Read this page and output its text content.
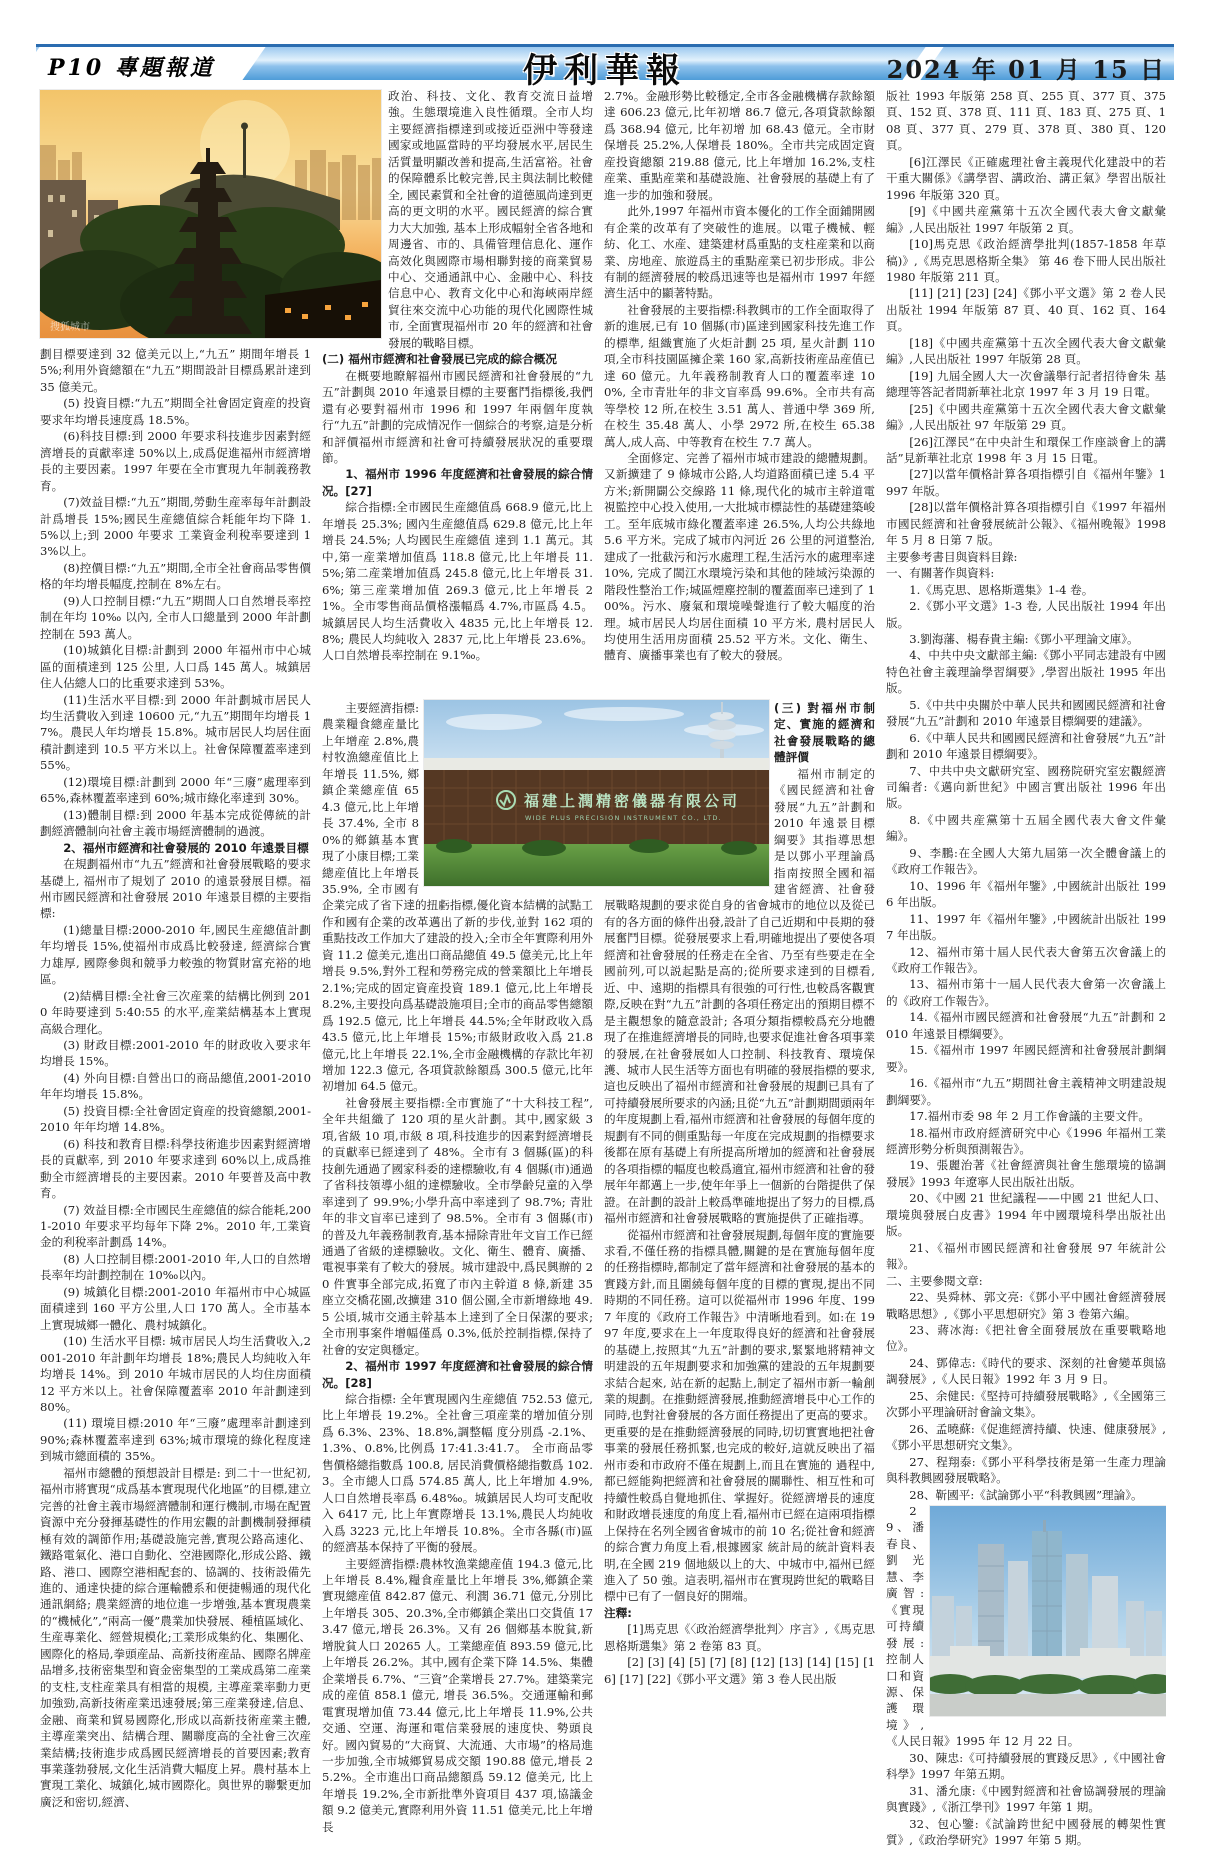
P10 專題報道	伊利華報	2024 年 01 月 15 日

劃目標要達到 32 億美元以上,“九五” 期間年增長 15%;利用外資總額在“九五”期間設計目標爲累計達到 35 億美元。

(5) 投資目標:“九五”期間全社會固定資産的投資要求年均增長速度爲 18.5%。

(6)科技目標:到 2000 年要求科技進步因素對經濟增長的貢獻率達 50%以上,成爲促進福州市經濟增長的主要因素。1997 年要在全市實現九年制義務教育。

(7)效益目標:“九五”期間,勞動生産率每年計劃設計爲增長 15%;國民生産總值綜合耗能年均下降 1.5%以上;到 2000 年要求 工業資金利稅率要達到 13%以上。

(8)控價目標:“九五”期間,全市全社會商品零售價格的年均增長幅度,控制在 8%左右。

(9)人口控制目標:“九五”期間人口自然增長率控制在年均 10‰ 以內, 全市人口總量到 2000 年計劃控制在 593 萬人。

(10)城鎮化目標:計劃到 2000 年福州市中心城區的面積達到 125 公里, 人口爲 145 萬人。城鎮居住人佔總人口的比重要求達到 53%。

(11)生活水平目標:到 2000 年計劃城市居民人均生活費收入到達 10600 元,“九五”期間年均增長 17%。農民人年均增長 15.8%。城市居民人均居住面積計劃達到 10.5 平方米以上。社會保障覆蓋率達到 55%。

(12)環境目標:計劃到 2000 年“三廢”處理率到 65%,森林覆蓋率達到 60%;城市綠化率達到 30%。

(13)體制目標:到 2000 年基本完成從傳統的計劃經濟體制向社會主義市場經濟體制的過渡。

2、福州市經濟和社會發展的 2010 年遠景目標

在規劃福州市“九五”經濟和社會發展戰略的要求基礎上, 福州市了規划了 2010 的遠景發展目標。福州市國民經濟和社會發展 2010 年遠景目標的主要指標:

(1)總量目標:2000-2010 年,國民生産總值計劃年均增長 15%,使福州市成爲比較發達, 經濟綜合實力雄厚, 國際參與和競爭力較強的物質財富充裕的地區。

(2)結構目標:全社會三次産業的結構比例到 2010 年時要達到 5:40:55 的水平,産業結構基本上實現高級合理化。

(3) 財政目標:2001-2010 年的財政收入要求年均增長 15%。

(4) 外向目標:自營出口的商品總值,2001-2010 年年均增長 15.8%。

(5) 投資目標:全社會固定資産的投資總額,2001-2010 年年均增 14.8%。

(6) 科技和教育目標:科學技術進步因素對經濟增長的貢獻率, 到 2010 年要求達到 60%以上,成爲推動全市經濟增長的主要因素。2010 年要普及高中教育。

(7) 效益目標:全市國民生産總值的綜合能耗,2001-2010 年要求平均每年下降 2%。2010 年,工業資金的利稅率計劃爲 14%。

(8) 人口控制目標:2001-2010 年,人口的自然增長率年均計劃控制在 10‰以內。

(9) 城鎮化目標:2001-2010 年福州市中心城區面積達到 160 平方公里,人口 170 萬人。全市基本上實現城鄉一體化、農村城鎮化。

(10) 生活水平目標: 城市居民人均生活費收入,2001-2010 年計劃年均增長 18%;農民人均純收入年均增長 14%。到 2010 年城市居民的人均住房面積 12 平方米以上。社會保障覆蓋率 2010 年計劃達到 80%。

(11) 環境目標:2010 年“三廢”處理率計劃達到 90%;森林覆蓋率達到 63%;城市環境的綠化程度達到城市總面積的 35%。

福州市總體的預想設計目標是: 到二十一世紀初,福州市將實現“成爲基本實現現代化地區”的目標,建立完善的社會主義市場經濟體制和運行機制,市場在配置資源中充分發揮基礎性的作用宏觀的計劃機制發揮積極有效的調節作用;基礎設施完善,實現公路高速化、鐵路電氣化、港口自動化、空港國際化,形成公路、鐵路、港口、國際空港相配套的、協調的、技術設備先進的、通達快捷的綜合運輸體系和便捷暢通的現代化通訊網絡; 農業經濟的地位進一步增強,基本實現農業的“機械化”,“兩高一優”農業加快發展、種植區域化、生産專業化、經營規模化;工業形成集約化、集團化、國際化的格局,拳頭産品、高新技術産品、國際名牌産品增多,技術密集型和資金密集型的工業成爲第二産業的支柱,支柱産業具有相當的規模, 主導産業率動力更加強勁,高新技術産業迅速發展;第三産業發達,信息、金融、商業和貿易國際化,形成以高新技術産業主體,主導産業突出、結構合理、關聯度高的全社會三次産業結構;技術進步成爲國民經濟增長的首要因素;教育事業蓬勃發展,文化生活消費大幅度上昇。農村基本上實現工業化、城鎮化,城市國際化。與世界的聯繫更加廣泛和密切,經濟、

政治、科技、文化、教育交流日益增強。生態環境進入良性循環。全市人均主要經濟指標達到或接近亞洲中等發達國家或地區當時的平均發展水平,居民生活質量明顯改善和提高,生活富裕。社會的保障體系比較完善,民主與法制比較健全, 國民素質和全社會的道德風尚達到更高的更文明的水平。國民經濟的綜合實力大大加強, 基本上形成幅射全省各地和周邊省、市的、具備管理信息化、運作高效化與國際市場相聯對接的商業貿易中心、交通通訊中心、金融中心、科技信息中心、教育文化中心和海峽兩岸經貿往來交流中心功能的現代化國際性城市, 全面實現福州市 20 年的經濟和社會發展的戰略目標。

(二) 福州市經濟和社會發展已完成的綜合概况

在概要地瞭解福州市國民經濟和社會發展的“九五”計劃與 2010 年遠景目標的主要奮鬥指標後,我們還有必要對福州市 1996 和 1997 年兩個年度執行“九五”計劃的完成情况作一個綜合的考察,這是分析和評價福州市經濟和社會可持續發展狀况的重要環節。

1、福州市 1996 年度經濟和社會發展的綜合情况。[27]

綜合指標:全市國民生産總值爲 668.9 億元,比上年增長 25.3%; 國內生産總值爲 629.8 億元,比上年增長 24.5%; 人均國民生産總值 達到 1.1 萬元。其中,第一産業增加值爲 118.8 億元,比上年增長 11.5%;第二産業增加值爲 245.8 億元,比上年增長 31.6%; 第三産業增加值 269.3 億元,比上年增長 21%。全市零售商品價格漲幅爲 4.7%,市區爲 4.5。城鎮居民人均生活費收入 4835 元,比上年增長 12.8%; 農民人均純收入 2837 元,比上年增長 23.6%。人口自然增長率控制在 9.1‰。

主要經濟指標:農業糧食總産量比上年增産 2.8%,農村牧漁總産值比上年增長 11.5%, 鄉鎮企業總産值 654.3 億元,比上年增長 37.4%, 全市 80%的鄉鎮基本實現了小康目標;工業總産值比上年增長 35.9%, 全市國有企業完成了省下達的扭虧指標,優化資本結構的試點工作和國有企業的改革邁出了新的步伐,並對 162 項的重點技改工作加大了建設的投入;全市全年實際利用外資 11.2 億美元,進出口商品總值 49.5 億美元,比上年增長 9.5%,對外工程和勞務完成的營業額比上年增長 2.1%;完成的固定資産投資 189.1 億元,比上年增長 8.2%,主要投向爲基礎設施項目;全市的商品零售總額爲 192.5 億元, 比上年增長 44.5%;全年財政收入爲 43.5 億元,比上年增長 15%;市級財政收入爲 21.8 億元,比上年增長 22.1%,全市金融機構的存款比年初增加 122.3 億元, 各項貸款餘額爲 300.5 億元,比年初增加 64.5 億元。

社會發展主要指標:全市實施了“十大科技工程”,全年共組織了 120 項的星火計劃。其中,國家級 3 項,省級 10 項,市級 8 項,科技進步的因素對經濟增長的貢獻率已經達到了 48%。全市有 3 個縣(區)的科技創先通過了國家科委的達標驗收,有 4 個縣(市)通過了省科技領導小組的達標驗收。全市學齡兒童的入學率達到了 99.9%;小學升高中率達到了 98.7%; 青壯年的非文盲率已達到了 98.5%。全市有 3 個縣(市)的普及九年義務制教育,基本掃除青壯年文盲工作已經通過了省級的達標驗收。文化、衛生、體育、廣播、電視事業有了較大的發展。城市建設中,爲民興辦的 20 件實事全部完成,拓寬了市內主幹道 8 條,新建 35 座立交橋花園,改擴建 310 個公園,全市新增綠地 49.5 公頃,城市交通主幹基本上達到了全日保潔的要求;全市刑事案件增幅僅爲 0.3%,低於控制指標,保持了社會的安定與穩定。

2、福州市 1997 年度經濟和社會發展的綜合情况。[28]

綜合指標: 全年實現國內生産總值 752.53 億元,比上年增長 19.2%。全社會三項産業的增加值分別爲 6.3%、23%、18.8%,調整幅 度分別爲 -2.1%、1.3%、0.8%,比例爲 17:41.3:41.7。 全市商品零售價格總指數爲 100.8, 居民消費價格總指數爲 102.3。全市總人口爲 574.85 萬人, 比上年增加 4.9%,人口自然增長率爲 6.48‰。城鎮居民人均可支配收入 6417 元, 比上年實際增長 13.1%,農民人均純收 入爲 3223 元,比上年增長 10.8%。全市各縣(市)區的經濟基本保持了平衡的發展。

主要經濟指標:農林牧漁業總産值 194.3 億元,比上年增長 8.4%,糧食産量比上年增長 3%,鄉鎮企業實現總産值 842.87 億元、利潤 36.71 億元,分別比上年增長 305、20.3%,全市鄉鎮企業出口交貨值 173.47 億元,增長 26.3%。又有 26 個鄉基本脫貧,新增脫貧人口 20265 人。工業總産值 893.59 億元,比上年增長 26.2%。其中,國有企業下降 14.5%、集體企業增長 6.7%、“三資”企業增長 27.7%。建築業完成的産值 858.1 億元, 增長 36.5%。交通運輸和郵電實現增加值 73.44 億元,比上年增長 11.9%,公共交通、空運、海運和電信業發展的速度快、勢頭良好。國內貿易的“大商貿、大流通、大市場”的格局進一步加強,全市城鄉貿易成交額 190.88 億元,增長 25.2%。全市進出口商品總額爲 59.12 億美元, 比上年增長 19.2%,全市新批準外資項目 437 項,協議金額 9.2 億美元,實際利用外資 11.51 億美元,比上年增長

2.7%。金融形勢比較穩定,全市各金融機構存款餘額達 606.23 億元,比年初增 86.7 億元,各項貸款餘額爲 368.94 億元, 比年初增 加 68.43 億元。全市財保增長 25.2%,人保增長 180%。全市共完成固定資産投資總額 219.88 億元, 比上年增加 16.2%,支柱産業、重點産業和基礎設施、社會發展的基礎上有了進一步的加強和發展。

此外,1997 年福州市資本優化的工作全面鋪開國有企業的改革有了突破性的進展。以電子機械、輕紡、化工、水産、建築建材爲重點的支柱産業和以商業、房地産、旅遊爲主的重點産業已初步形成。非公有制的經濟發展的較爲迅速等也是福州市 1997 年經濟生活中的顯著特點。

社會發展的主要指標:科教興市的工作全面取得了新的進展,已有 10 個縣(市)區達到國家科技先進工作的標準, 組織實施了火炬計劃 25 項, 星火計劃 110 項,全市科技園區擁企業 160 家,高新技術産品産值已達 60 億元。九年義務制教育人口的覆蓋率達 100%, 全市青壯年的非文盲率爲 99.6%。全市共有高等學校 12 所,在校生 3.51 萬人、普通中學 369 所,在校生 35.48 萬人、小學 2972 所,在校生 65.38 萬人,成人高、中等教育在校生 7.7 萬人。

全面修定、完善了福州市城市建設的總體規劃。又新擴建了 9 條城市公路,人均道路面積已達 5.4 平方米;新開闢公交線路 11 條,現代化的城市主幹道電視監控中心投入使用,一大批城市標誌性的基礎建築峻工。至年底城市綠化覆蓋率達 26.5%,人均公共綠地 5.6 平方米。完成了城市內河近 26 公里的河道整治,建成了一批截污和污水處理工程,生活污水的處理率達 10%, 完成了閩江水環境污染和其他的陸域污染源的階段性整治工作;城區煙塵控制的覆蓋面率已達到了 100%。污水、廢氣和環境噪聲進行了較大幅度的治理。城市居民人均居住面積 10 平方米, 農村居民人均使用生活用房面積 25.52 平方米。文化、衛生、體育、廣播事業也有了較大的發展。

(三) 對福州市制定、實施的經濟和社會發展戰略的總體評價

福州市制定的《國民經濟和社會發展“九五”計劃和 2010 年遠景目標綱要》其指導思想是以鄧小平理論爲指南按照全國和福建省經濟、社會發展戰略規劃的要求從自身的省會城市的地位以及從已有的各方面的條件出發,設計了自己近期和中長期的發展奮鬥目標。從發展要求上看,明確地提出了要使各項經濟和社會發展的任務走在全省、乃至有些要走在全國前列,可以説起點是高的;從所要求達到的目標看,近、中、遠期的指標具有很強的可行性,也較爲客觀實際,反映在對“九五”計劃的各項任務定出的預期目標不是主觀想象的隨意設計; 各項分類指標較爲充分地體現了在推進經濟增長的同時,也要求促進社會各項事業的發展,在社會發展如人口控制、科技教育、環境保護、城市人民生活等方面也有明確的發展指標的要求,這也反映出了福州市經濟和社會發展的規劃已具有了可持續發展所要求的內涵;且從“九五”計劃期間頭兩年的年度規劃上看,福州市經濟和社會發展的每個年度的規劃有不同的側重點每一年度在完成規劃的指標要求後都在原有基礎上有所提高所增加的經濟和社會發展的各項指標的幅度也較爲適宜,福州市經濟和社會的發展年年都邁上一步,使年年爭上一個新的台階提供了保證。在計劃的設計上較爲準確地提出了努力的目標,爲福州市經濟和社會發展戰略的實施提供了正確指導。

從福州市經濟和社會發展規劃,每個年度的實施要求看,不僅任務的指標具體,關鍵的是在實施每個年度的任務指標時,都制定了當年經濟和社會發展的基本的實踐方針,而且圍繞每個年度的目標的實現,提出不同時期的不同任務。這可以從福州市 1996 年度、1997 年度的《政府工作報告》中清晰地看到。如:在 1997 年度,要求在上一年度取得良好的經濟和社會發展的基礎上,按照其“九五”計劃的要求,緊緊地將精神文明建設的五年規劃要求和加強黨的建設的五年規劃要求結合起來, 站在新的起點上,制定了福州市新一輪創業的規劃。在推動經濟發展,推動經濟增長中心工作的同時,也對社會發展的各方面任務提出了更高的要求。更重要的是在推動經濟發展的同時,切切實實地把社會事業的發展任務抓緊,也完成的較好,這就反映出了福州市委和市政府不僅在規劃上,而且在實施的 過程中, 都已經能夠把經濟和社會發展的關聯性、相互性和可持續性較爲自覺地抓住、掌握好。從經濟增長的速度和財政增長速度的角度上看,福州市已經在這兩項指標上保持在名列全國省會城市的前 10 名;從社會和經濟的綜合實力角度上看,根據國家 統計局的統計資料表明,在全國 219 個地級以上的大、中城市中,福州已經進入了 50 強。這表明,福州市在實現跨世紀的戰略目標中已有了一個良好的開端。

注釋:

[1]馬克思《〈政治經濟學批判〉序言》,《馬克思恩格斯選集》第 2 卷第 83 頁。

[2] [3] [4] [5] [7] [8] [12] [13] [14] [15] [16] [17] [22]《鄧小平文選》第 3 卷人民出版

版社 1993 年版第 258 頁、255 頁、377 頁、375 頁、152 頁、378 頁、111 頁、183 頁、275 頁、108 頁、377 頁、279 頁、378 頁、380 頁、120 頁。

[6]江澤民《正確處理社會主義現代化建設中的若干重大關係》《講學習、講政治、講正氣》學習出版社 1996 年版第 320 頁。

[9]《中國共産黨第十五次全國代表大會文獻彙編》,人民出版社 1997 年版第 2 頁。

[10]馬克思《政治經濟學批判(1857-1858 年草稿)》,《馬克思恩格斯全集》 第 46 卷下冊人民出版社 1980 年版第 211 頁。

[11] [21] [23] [24]《鄧小平文選》第 2 卷人民出版社 1994 年版第 87 頁、40 頁、162 頁、164 頁。

[18]《中國共産黨第十五次全國代表大會文獻彙編》,人民出版社 1997 年版第 28 頁。

[19] 九屆全國人大一次會議舉行記者招待會朱 基總理等答記者問新華社北京 1997 年 3 月 19 日電。

[25]《中國共産黨第十五次全國代表大會文獻彙編》,人民出版社 97 年版第 29 頁。

[26]江澤民“在中央計生和環保工作座談會上的講話”見新華社北京 1998 年 3 月 15 日電。

[27]以當年價格計算各項指標引自《福州年鑒》1997 年版。

[28]以當年價格計算各項指標引自《1997 年福州市國民經濟和社會發展統計公報》、《福州晚報》1998 年 5 月 8 日第 7 版。

主要參考書目與資料目錄:

一、有關著作與資料:

1.《馬克思、恩格斯選集》1-4 卷。

2.《鄧小平文選》1-3 卷, 人民出版社 1994 年出版。

3.劉海藩、楊春貴主編:《鄧小平理論文庫》。

4、中共中央文獻部主編:《鄧小平同志建設有中國特色社會主義理論學習綱要》,學習出版社 1995 年出版。

5.《中共中央關於中華人民共和國國民經濟和社會發展“九五”計劃和 2010 年遠景目標綱要的建議》。

6.《中華人民共和國國民經濟和社會發展“九五”計劃和 2010 年遠景目標綱要》。

7、中共中央文獻研究室、國務院研究室宏觀經濟司編者:《邁向新世紀》中國言實出版社 1996 年出版。

8.《中國共産黨第十五屆全國代表大會文件彙編》。

9、李鵬:在全國人大第九屆第一次全體會議上的《政府工作報告》。

10、1996 年《福州年鑒》,中國統計出版社 1996 年出版。

11、1997 年《福州年鑒》,中國統計出版社 1997 年出版。

12、福州市第十屆人民代表大會第五次會議上的《政府工作報告》。

13、福州市第十一屆人民代表大會第一次會議上的《政府工作報告》。

14.《福州市國民經濟和社會發展“九五”計劃和 2010 年遠景目標綱要》。

15.《福州市 1997 年國民經濟和社會發展計劃綱要》。

16.《福州市“九五”期間社會主義精神文明建設規劃綱要》。

17.福州市委 98 年 2 月工作會議的主要文件。

18.福州市政府經濟研究中心《1996 年福州工業經濟形勢分析與預測報告》。

19、張麗治著《社會經濟與社會生態環境的協調發展》1993 年遼寧人民出版社出版。

20、《中國 21 世紀議程——中國 21 世紀人口、環境與發展白皮書》1994 年中國環境科學出版社出版。

21、《福州市國民經濟和社會發展 97 年統計公報》。

二、主要參閱文章:

22、吳舜林、郭文亮:《鄧小平中國社會經濟發展戰略思想》,《鄧小平思想研究》第 3 卷第六編。

23、蔣冰海:《把社會全面發展放在重要戰略地位》。

24、鄧偉志:《時代的要求、深刻的社會變革與協調發展》,《人民日報》1992 年 3 月 9 日。

25、余健民:《堅持可持續發展戰略》,《全國第三次鄧小平理論研討會論文集》。

26、孟曉蘇:《促進經濟持續、快速、健康發展》,《鄧小平思想研究文集》。

27、程翔泰:《鄧小平科學技術是第一生產力理論與科教興國發展戰略》。

28、靳國平:《試論鄧小平“科教興國”理論》。

29、潘春良、劉光慧、李廣智:《實現可持續發展:控制人口和資源、保護環境》,《人民日報》1995 年 12 月 22 日。

30、陳忠:《可持續發展的實踐反思》,《中國社會科學》1997 年第五期。

31、潘允康:《中國對經濟和社會協調發展的理論與實踐》,《浙江學刊》1997 年第 1 期。

32、包心鑒:《試論跨世紀中國發展的轉架性實質》,《政治學研究》1997 年第 5 期。

搜狐城市
福建上潤精密儀器有限公司
WIDE PLUS PRECISION INSTRUMENT CO., LTD.
